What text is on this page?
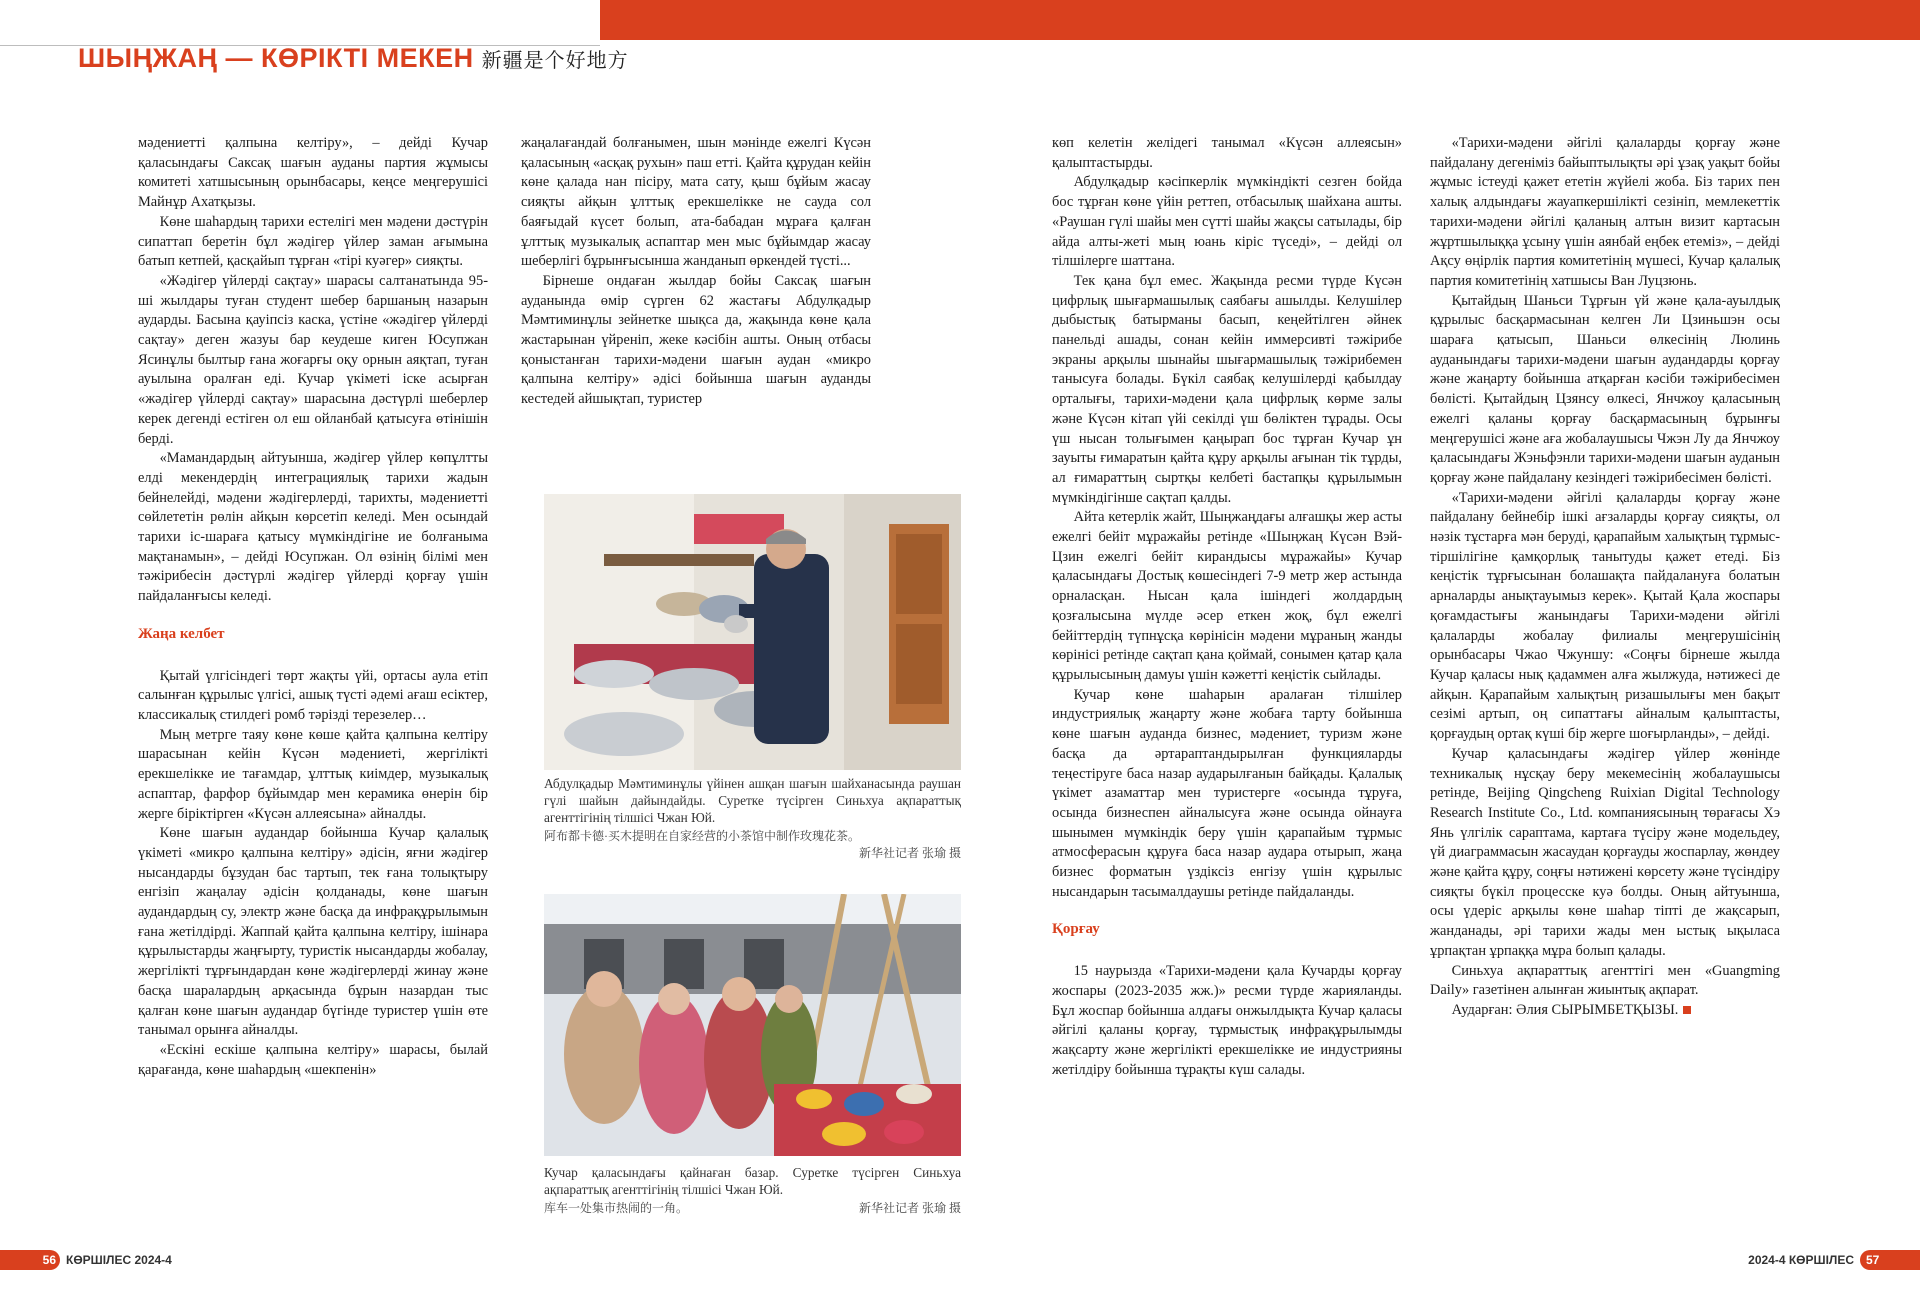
ШЫҢЖАҢ — КӨРІКТІ МЕКЕН 新疆是个好地方

мәдениетті қалпына келтіру», – дейді Кучар қаласындағы Саксақ шағын ауданы партия жұмысы комитеті хатшысының орынбасары, кеңсе меңгерушісі Майнұр Ахатқызы.

Көне шаһардың тарихи естелігі мен мәдени дәстүрін сипаттап беретін бұл жәдігер үйлер заман ағымына батып кетпей, қасқайып тұрған «тірі куәгер» сияқты.

«Жәдігер үйлерді сақтау» шарасы салтанатында 95-ші жылдары туған студент шебер баршаның назарын аударды. Басына қауіпсіз каска, үстіне «жәдігер үйлерді сақтау» деген жазуы бар кеудеше киген Юсупжан Ясинұлы былтыр ғана жоғарғы оқу орнын аяқтап, туған ауылына оралған еді. Кучар үкіметі іске асырған «жәдігер үйлерді сақтау» шарасына дәстүрлі шеберлер керек дегенді естіген ол еш ойланбай қатысуға өтінішін берді.

«Мамандардың айтуынша, жәдігер үйлер көпұлтты елді мекендердің интеграциялық тарихи жадын бейнелейді, мәдени жәдігерлерді, тарихты, мәдениетті сөйлететін рөлін айқын көрсетіп келеді. Мен осындай тарихи іс-шараға қатысу мүмкіндігіне ие болғаныма мақтанамын», – дейді Юсупжан. Ол өзінің білімі мен тәжірибесін дәстүрлі жәдігер үйлерді қорғау үшін пайдаланғысы келеді.

Жаңа келбет

Қытай үлгісіндегі төрт жақты үйі, ортасы аула етіп салынған құрылыс үлгісі, ашық түсті әдемі ағаш есіктер, классикалық стилдегі ромб тәрізді терезелер…

Мың метрге таяу көне көше қайта қалпына келтіру шарасынан кейін Күсән мәдениеті, жергілікті ерекшелікке ие тағамдар, ұлттық киімдер, музыкалық аспаптар, фарфор бұйымдар мен керамика өнерін бір жерге біріктірген «Күсән аллеясына» айналды.

Көне шағын аудандар бойынша Кучар қалалық үкіметі «микро қалпына келтіру» әдісін, яғни жәдігер нысандарды бұзудан бас тартып, тек ғана толықтыру енгізіп жаңалау әдісін қолданады, көне шағын аудандардың су, электр және басқа да инфрақұрылымын ғана жетілдірді. Жаппай қайта қалпына келтіру, ішінара құрылыстарды жаңғырту, туристік нысандарды жобалау, жергілікті тұрғындардан көне жәдігерлерді жинау және басқа шаралардың арқасында бұрын назардан тыс қалған көне шағын аудандар бүгінде туристер үшін өте танымал орынға айналды.

«Ескіні ескіше қалпына келтіру» шарасы, былай қарағанда, көне шаһардың «шекпенін»

жаңалағандай болғанымен, шын мәнінде ежелгі Күсән қаласының «асқақ рухын» паш етті. Қайта құрудан кейін көне қалада нан пісіру, мата сату, қыш бұйым жасау сияқты айқын ұлттық ерекшелікке не сауда сол баяғыдай күсет болып, ата-бабадан мұраға қалған ұлттық музыкалық аспаптар мен мыс бұйымдар жасау шеберлігі бұрынғысынша жанданып өркендей түсті...

Бірнеше ондаған жылдар бойы Саксақ шағын ауданында өмір сүрген 62 жастағы Абдулқадыр Мәмтиминұлы зейнетке шықса да, жақында көне қала жастарынан үйреніп, жеке кәсібін ашты. Оның отбасы қоныстанған тарихи-мәдени шағын аудан «микро қалпына келтіру» әдісі бойынша шағын ауданды кестедей айшықтап, туристер

Абдулқадыр Мәмтиминұлы үйінен ашқан шағын шайханасында раушан гүлі шайын дайындайды. Суретке түсірген Синьхуа ақпараттық агенттігінің тілшісі Чжан Юй.
阿布都卡德·买木提明在自家经营的小茶馆中制作玫瑰花茶。
新华社记者 张瑜 摄
Кучар қаласындағы қайнаған базар. Суретке түсірген Синьхуа ақпараттық агенттігінің тілшісі Чжан Юй.
库车一处集市热闹的一角。	新华社记者 张瑜 摄

көп келетін желідегі танымал «Күсән аллеясын» қалыптастырды.

Абдулқадыр кәсіпкерлік мүмкіндікті сезген бойда бос тұрған көне үйін реттеп, отбасылық шайхана ашты. «Раушан гүлі шайы мен сүтті шайы жақсы сатылады, бір айда алты-жеті мың юань кіріс түседі», – дейді ол тілшілерге шаттана.

Тек қана бұл емес. Жақында ресми түрде Күсән цифрлық шығармашылық саябағы ашылды. Келушілер дыбыстық батырманы басып, кеңейтілген әйнек панельді ашады, сонан кейін иммерсивті тәжірибе экраны арқылы шынайы шығармашылық тәжірибемен танысуға болады. Бүкіл саябақ келушілерді қабылдау орталығы, тарихи-мәдени қала цифрлық көрме залы және Күсән кітап үйі секілді үш бөліктен тұрады. Осы үш нысан толығымен қаңырап бос тұрған Кучар ұн зауыты ғимаратын қайта құру арқылы ағынан тік тұрды, ал ғимараттың сыртқы келбеті бастапқы құрылымын мүмкіндігінше сақтап қалды.

Айта кетерлік жайт, Шыңжаңдағы алғашқы жер асты ежелгі бейіт мұражайы ретінде «Шыңжаң Күсән Вэй-Цзин ежелгі бейіт кирандысы мұражайы» Кучар қаласындағы Достық көшесіндегі 7-9 метр жер астында орналасқан. Нысан қала ішіндегі жолдардың қозғалысына мүлде әсер еткен жоқ, бұл ежелгі бейіттердің түпнұсқа көрінісін мәдени мұраның жанды көрінісі ретінде сақтап қана қоймай, сонымен қатар қала құрылысының дамуы үшін кәжетті кеңістік сыйлады.

Кучар көне шаһарын аралаған тілшілер индустриялық жаңарту және жобаға тарту бойынша көне шағын ауданда бизнес, мәдениет, туризм және басқа да әртараптандырылған функцияларды теңестіруге баса назар аударылғанын байқады. Қалалық үкімет азаматтар мен туристерге «осында тұруға, осында бизнеспен айналысуға және осында ойнауға шынымен мүмкіндік беру үшін қарапайым тұрмыс атмосферасын құруға баса назар аудара отырып, жаңа бизнес форматын үздіксіз енгізу үшін құрылыс нысандарын тасымалдаушы ретінде пайдаланды.

Қорғау

15 наурызда «Тарихи-мәдени қала Кучарды қорғау жоспары (2023-2035 жж.)» ресми түрде жарияланды. Бұл жоспар бойынша алдағы онжылдықта Кучар қаласы әйгілі қаланы қорғау, тұрмыстық инфрақұрылымды жақсарту және жергілікті ерекшелікке ие индустрияны жетілдіру бойынша тұрақты күш салады.

«Тарихи-мәдени әйгілі қалаларды қорғау және пайдалану дегеніміз байыптылықты әрі ұзақ уақыт бойы жұмыс істеуді қажет ететін жүйелі жоба. Біз тарих пен халық алдындағы жауапкершілікті сезініп, мемлекеттік тарихи-мәдени әйгілі қаланың алтын визит картасын жұртшылыққа ұсыну үшін аянбай еңбек етеміз», – дейді Ақсу өңірлік партия комитетінің мүшесі, Кучар қалалық партия комитетінің хатшысы Ван Луцзюнь.

Қытайдың Шаньси Тұрғын үй және қала-ауылдық құрылыс басқармасынан келген Ли Цзиньшэн осы шараға қатысып, Шаньси өлкесінің Люлинь ауданындағы тарихи-мәдени шағын аудандарды қорғау және жаңарту бойынша атқарған кәсіби тәжірибесімен бөлісті. Қытайдың Цзянсу өлкесі, Янчжоу қаласының ежелгі қаланы қорғау басқармасының бұрынғы меңгерушісі және аға жобалаушысы Чжэн Лу да Янчжоу қаласындағы Жэньфэнли тарихи-мәдени шағын ауданын қорғау және пайдалану кезіндегі тәжірибесімен бөлісті.

«Тарихи-мәдени әйгілі қалаларды қорғау және пайдалану бейнебір ішкі ағзаларды қорғау сияқты, ол нәзік тұстарға мән беруді, қарапайым халықтың тұрмыс-тіршілігіне қамқорлық танытуды қажет етеді. Біз кеңістік тұрғысынан болашақта пайдалануға болатын арналарды анықтауымыз керек». Қытай Қала жоспары қоғамдастығы жанындағы Тарихи-мәдени әйгілі қалаларды жобалау филиалы меңгерушісінің орынбасары Чжао Чжуншу: «Соңғы бірнеше жылда Кучар қаласы нық қадаммен алға жылжуда, нәтижесі де айқын. Қарапайым халықтың ризашылығы мен бақыт сезімі артып, оң сипаттағы айналым қалыптасты, қорғаудың ортақ күші бір жерге шоғырланды», – дейді.

Кучар қаласындағы жәдігер үйлер жөнінде техникалық нұсқау беру мекемесінің жобалаушысы ретінде, Beijing Qingcheng Ruixian Digital Technology Research Institute Co., Ltd. компаниясының төрағасы Хэ Янь үлгілік сараптама, картаға түсіру және модельдеу, үй диаграммасын жасаудан қорғауды жоспарлау, жөндеу және қайта құру, соңғы нәтижені көрсету және түсіндіру сияқты бүкіл процесске куә болды. Оның айтуынша, осы үдеріс арқылы көне шаһар тіпті де жақсарып, жанданады, әрі тарихи жады мен ыстық ықыласа ұрпақтан ұрпаққа мұра болып қалады.

Синьхуа ақпараттық агенттігі мен «Guangming Daily» газетінен алынған жиынтық ақпарат.

Аударған: Әлия СЫРЫМБЕТҚЫЗЫ.

56 КӨРШІЛЕС 2024-4	2024-4 КӨРШІЛЕС	57
